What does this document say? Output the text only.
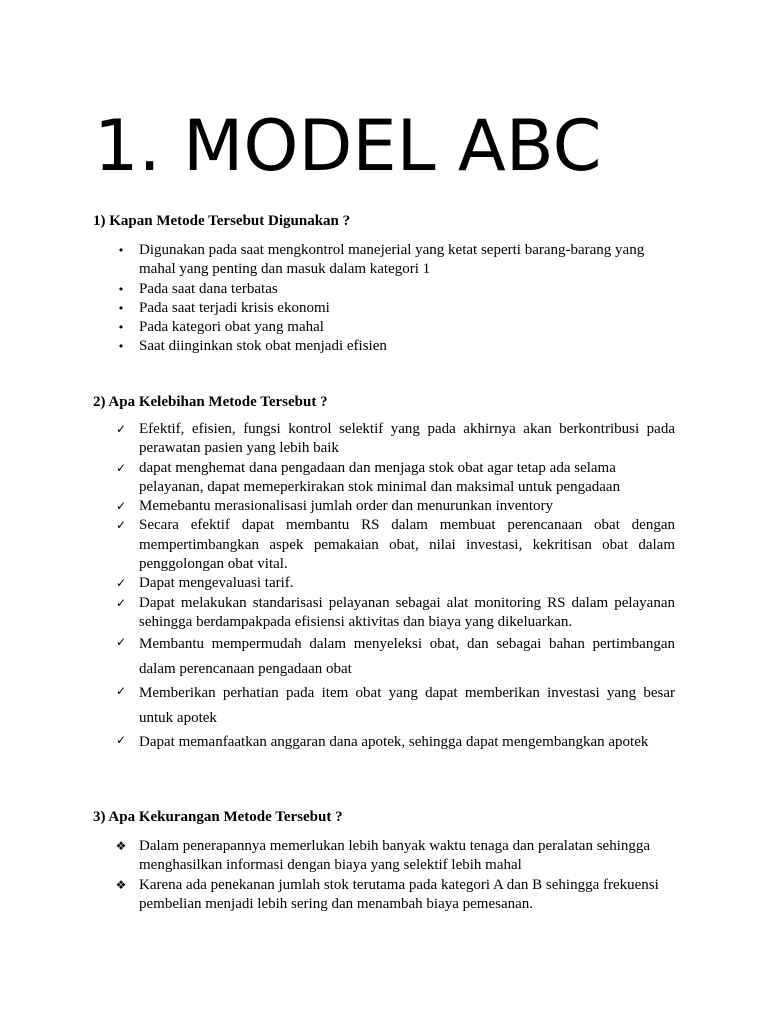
1. MODEL ABC

1) Kapan Metode Tersebut Digunakan ?

• Digunakan pada saat mengkontrol manejerial yang ketat seperti barang-barang yang mahal yang penting dan masuk dalam kategori 1
• Pada saat dana terbatas
• Pada saat terjadi krisis ekonomi
• Pada kategori obat yang mahal
• Saat diinginkan stok obat menjadi efisien

2) Apa Kelebihan Metode Tersebut ?

✓ Efektif, efisien, fungsi kontrol selektif yang pada akhirnya akan berkontribusi pada perawatan pasien yang lebih baik
✓ dapat menghemat dana pengadaan dan menjaga stok obat agar tetap ada selama pelayanan, dapat memeperkirakan stok minimal dan maksimal untuk pengadaan
✓ Memebantu merasionalisasi jumlah order dan menurunkan inventory
✓ Secara efektif dapat membantu RS dalam membuat perencanaan obat dengan mempertimbangkan aspek pemakaian obat, nilai investasi, kekritisan obat dalam penggolongan obat vital.
✓ Dapat mengevaluasi tarif.
✓ Dapat melakukan standarisasi pelayanan sebagai alat monitoring RS dalam pelayanan sehingga berdampakpada efisiensi aktivitas dan biaya yang dikeluarkan.
✓ Membantu mempermudah dalam menyeleksi obat, dan sebagai bahan pertimbangan dalam perencanaan pengadaan obat
✓ Memberikan perhatian pada item obat yang dapat memberikan investasi yang besar untuk apotek
✓ Dapat memanfaatkan anggaran dana apotek, sehingga dapat mengembangkan apotek

3) Apa Kekurangan Metode Tersebut ?

❖ Dalam penerapannya memerlukan lebih banyak waktu tenaga dan peralatan sehingga menghasilkan informasi dengan biaya yang selektif lebih mahal
❖ Karena ada penekanan jumlah stok terutama pada kategori A dan B sehingga frekuensi pembelian menjadi lebih sering dan menambah biaya pemesanan.
